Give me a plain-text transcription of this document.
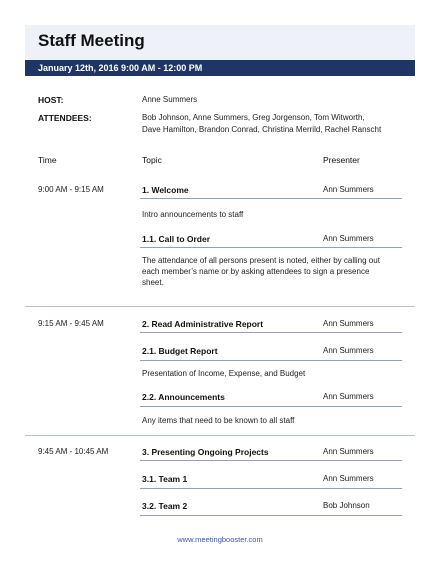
Staff Meeting
January 12th, 2016 9:00 AM - 12:00 PM
HOST:	Anne Summers
ATTENDEES:	Bob Johnson, Anne Summers, Greg Jorgenson, Tom Witworth,
Dave Hamilton, Brandon Conrad, Christina Merrild, Rachel Ranscht
Time	Topic	Presenter
9:00 AM - 9:15 AM	1. Welcome	Ann Summers
Intro announcements to staff
1.1. Call to Order	Ann Summers
The attendance of all persons present is noted, either by calling out
each member’s name or by asking attendees to sign a presence
sheet.
9:15 AM - 9:45 AM	2. Read Administrative Report	Ann Summers
2.1. Budget Report	Ann Summers
Presentation of Income, Expense, and Budget
2.2. Announcements	Ann Summers
Any items that need to be known to all staff
9:45 AM - 10:45 AM	3. Presenting Ongoing Projects	Ann Summers
3.1. Team 1	Ann Summers
3.2. Team 2	Bob Johnson
www.meetingbooster.com
